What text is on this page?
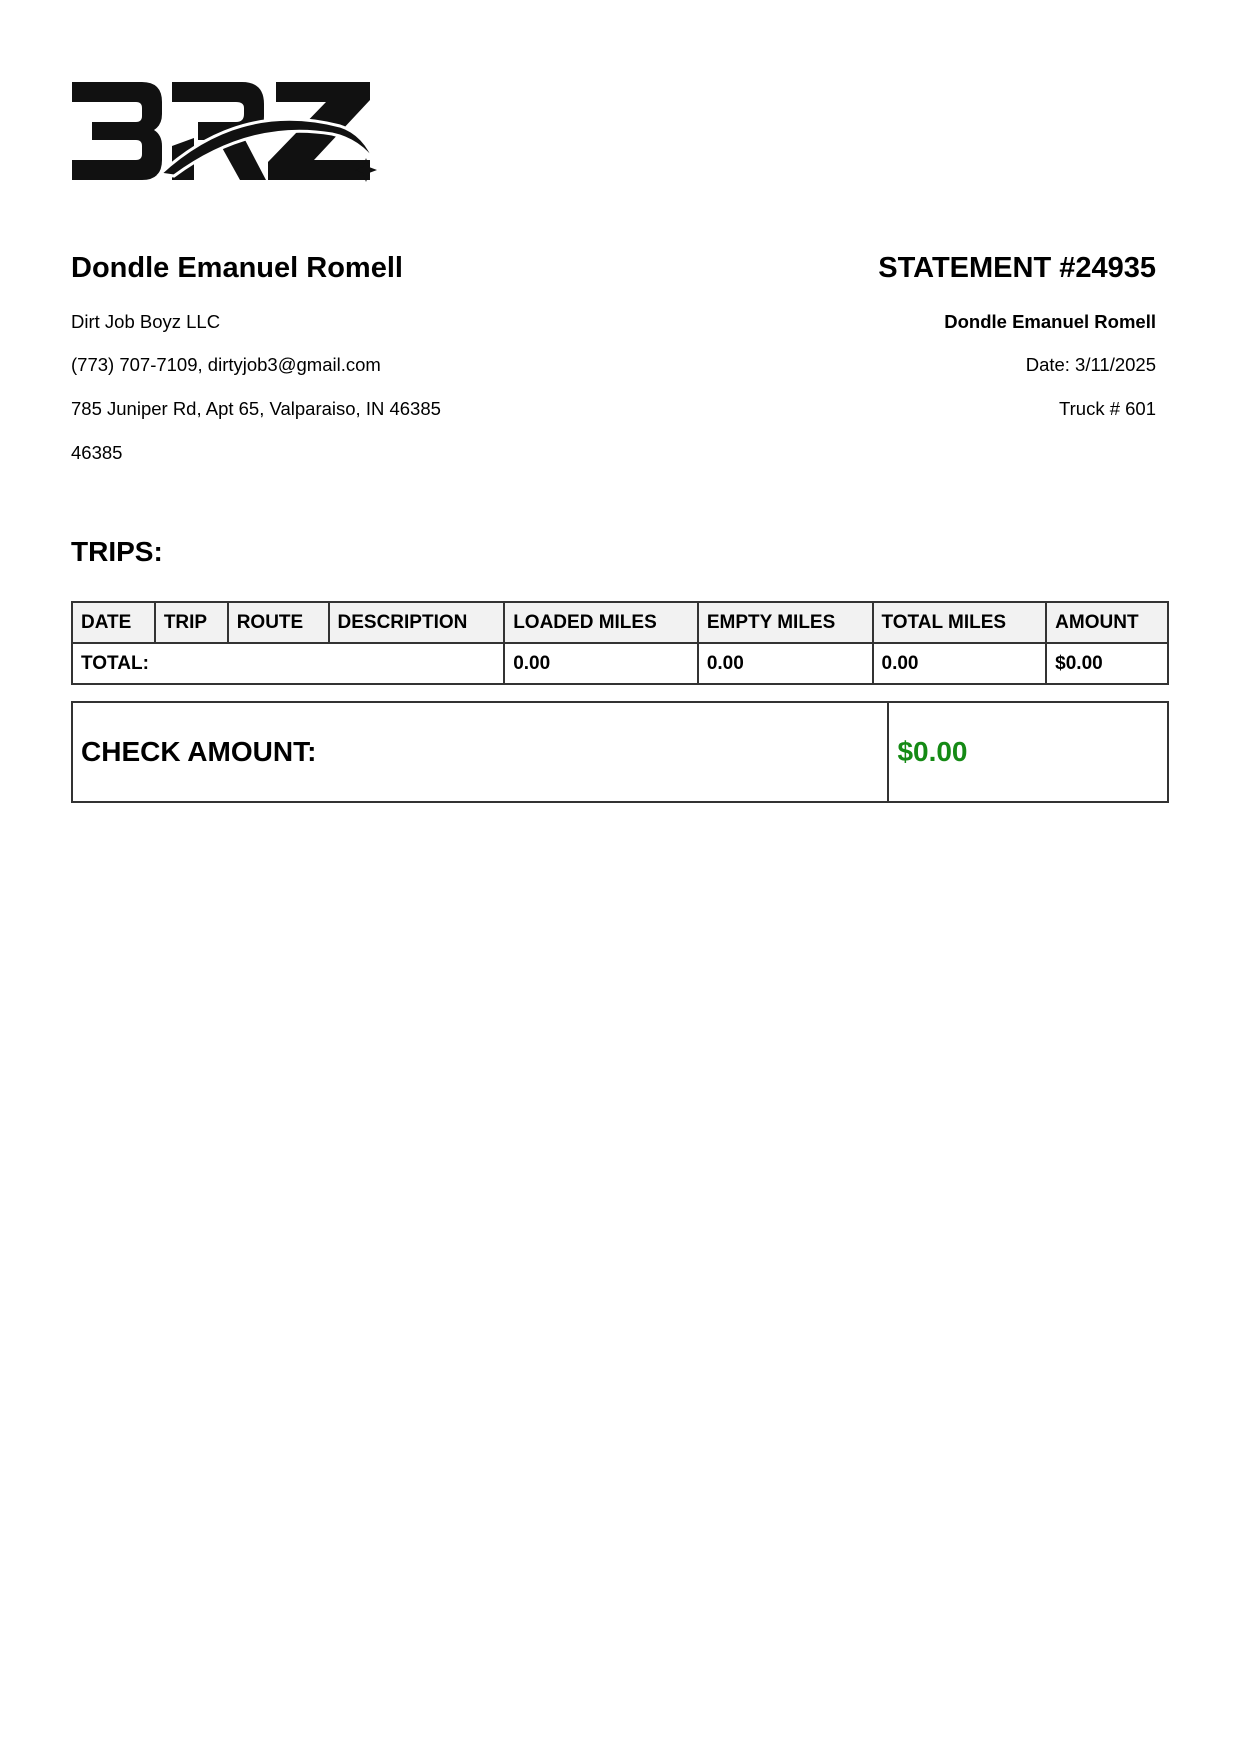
Dondle Emanuel Romell

Dirt Job Boyz LLC

(773) 707-7109, dirtyjob3@gmail.com

785 Juniper Rd, Apt 65, Valparaiso, IN 46385

46385

STATEMENT #24935

Dondle Emanuel Romell

Date: 3/11/2025

Truck # 601

TRIPS:
DATE	TRIP	ROUTE	DESCRIPTION	LOADED MILES	EMPTY MILES	TOTAL MILES	AMOUNT
TOTAL:				0.00	0.00	0.00	$0.00
CHECK AMOUNT:	$0.00
